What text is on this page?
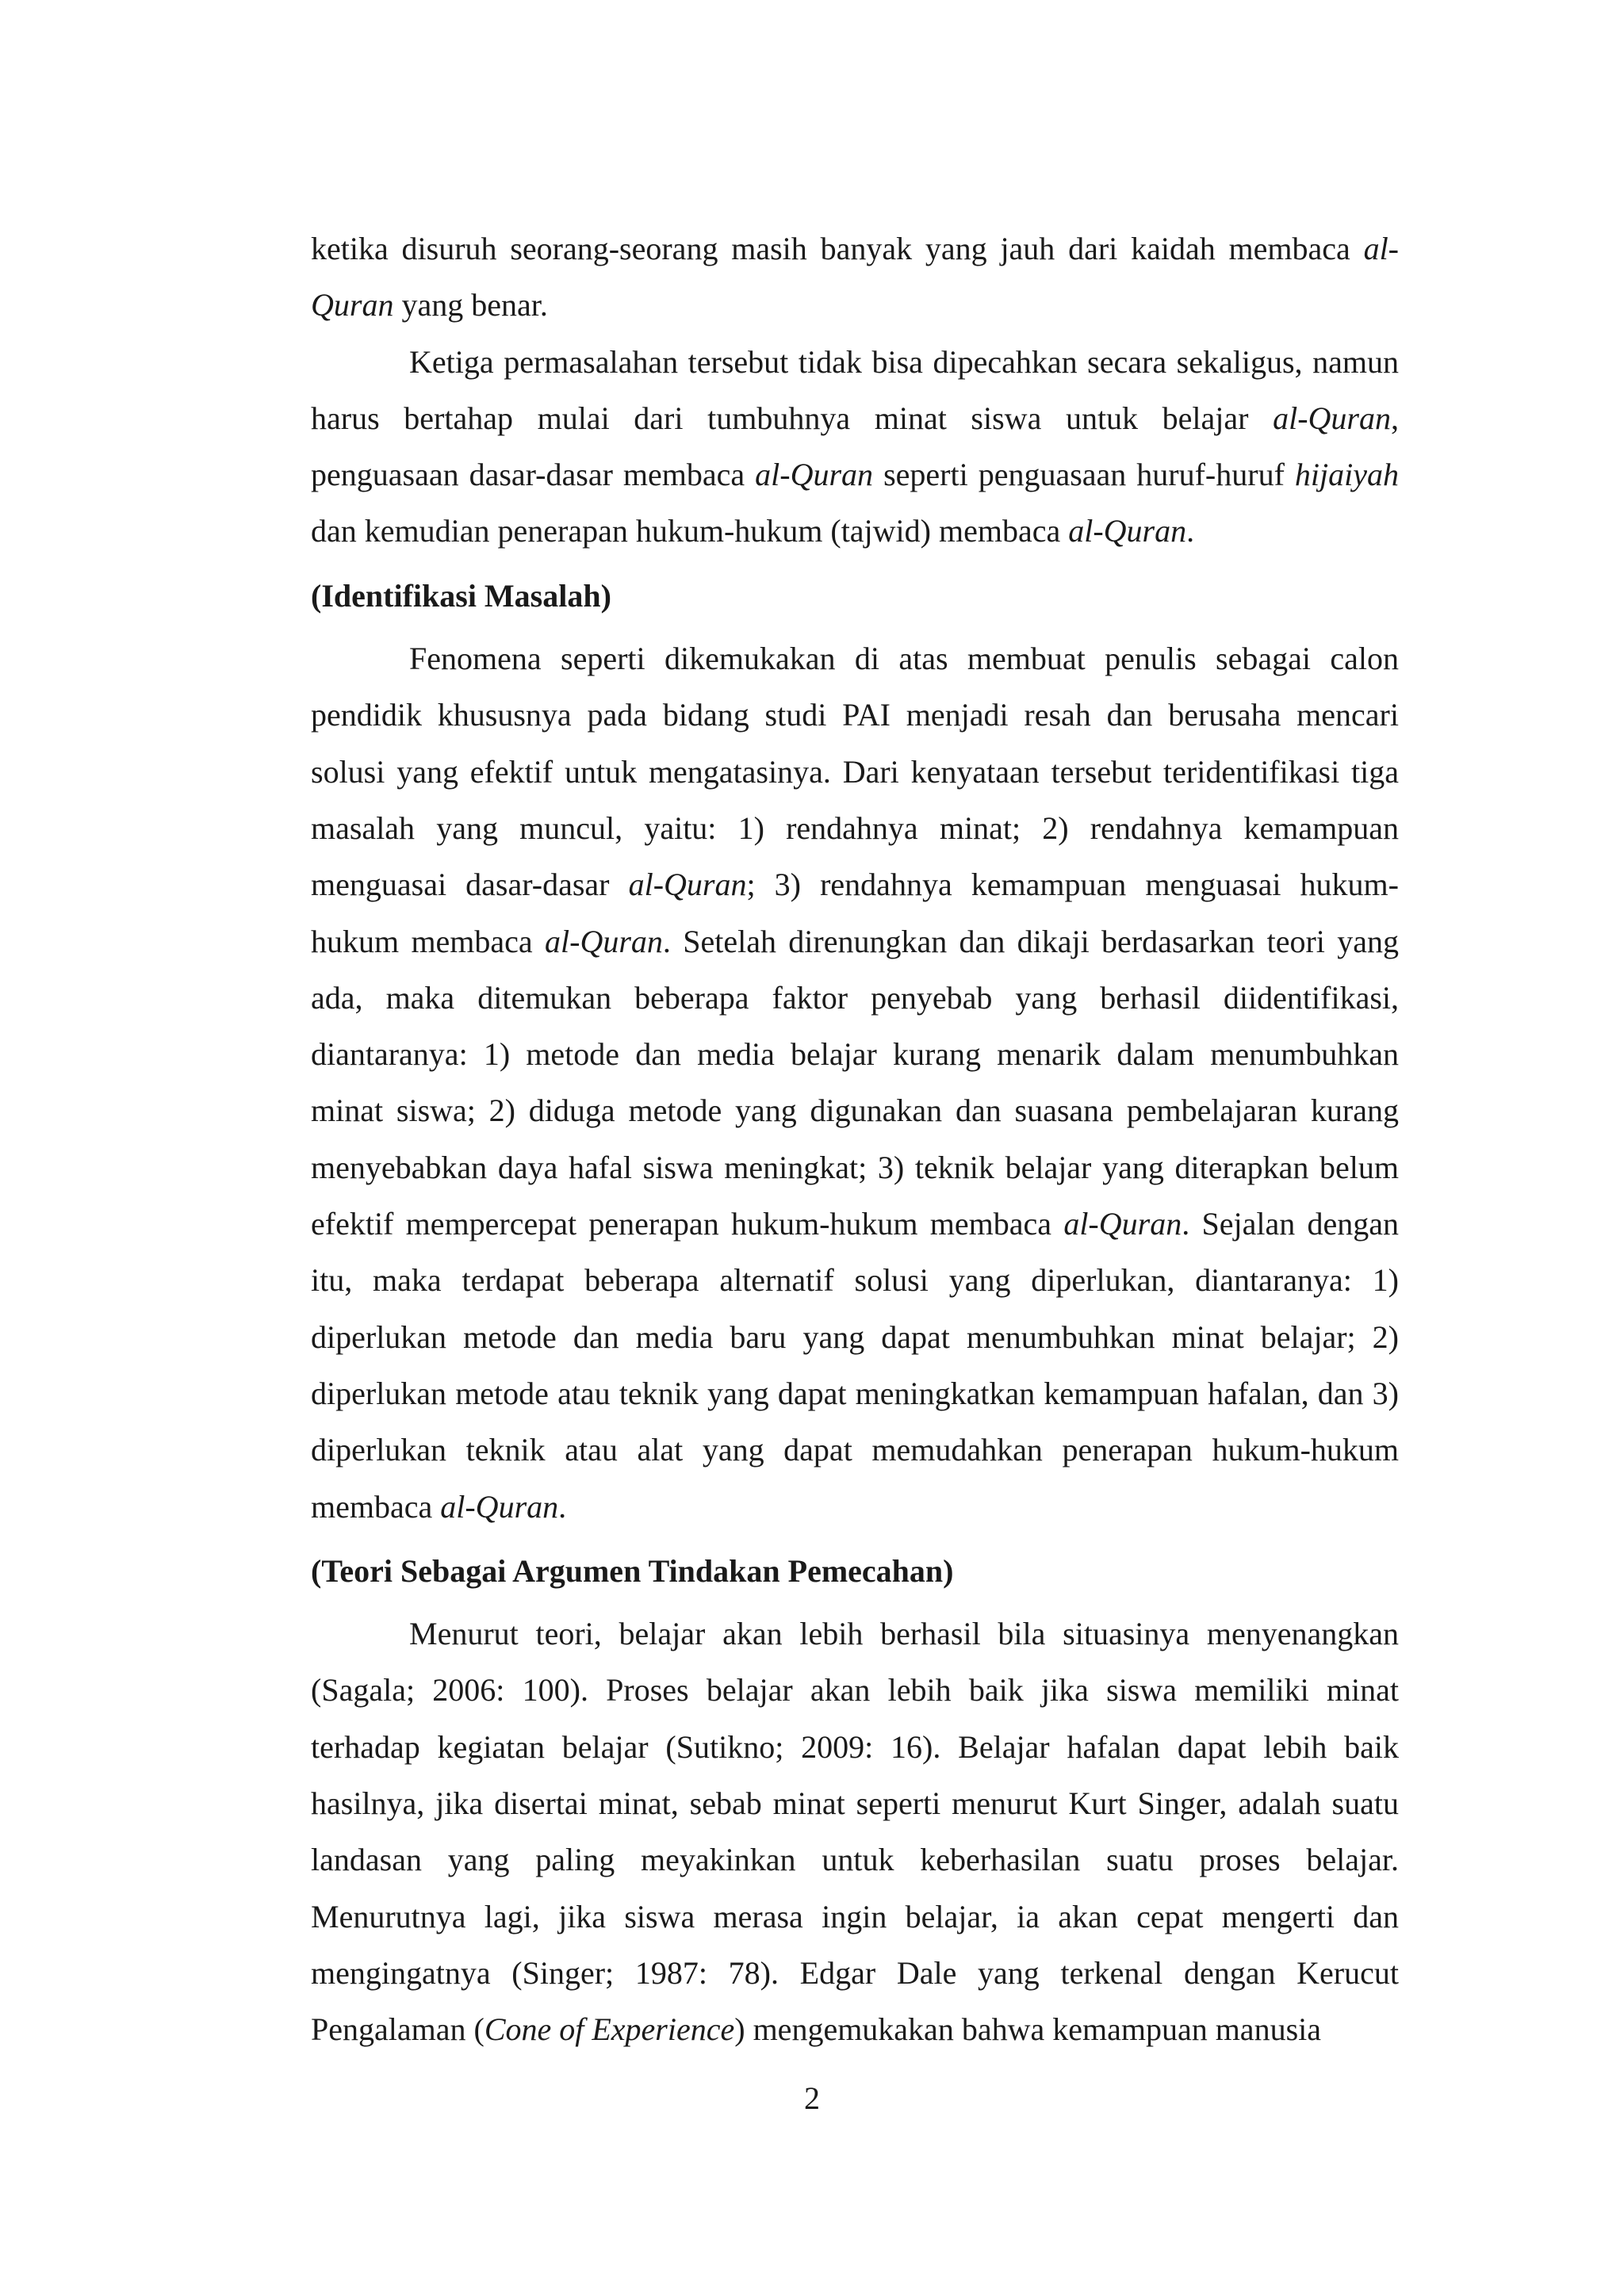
ketika disuruh seorang-seorang masih banyak yang jauh dari kaidah membaca al-Quran yang benar.

Ketiga permasalahan tersebut tidak bisa dipecahkan secara sekaligus, namun harus bertahap mulai dari tumbuhnya minat siswa untuk belajar al-Quran, penguasaan dasar-dasar membaca al-Quran seperti penguasaan huruf-huruf hijaiyah dan kemudian penerapan hukum-hukum (tajwid) membaca al-Quran.

(Identifikasi Masalah)

Fenomena seperti dikemukakan di atas membuat penulis sebagai calon pendidik khususnya pada bidang studi PAI menjadi resah dan berusaha mencari solusi yang efektif untuk mengatasinya. Dari kenyataan tersebut teridentifikasi tiga masalah yang muncul, yaitu: 1) rendahnya minat; 2) rendahnya kemampuan menguasai dasar-dasar al-Quran; 3) rendahnya kemampuan menguasai hukum-hukum membaca al-Quran. Setelah direnungkan dan dikaji berdasarkan teori yang ada, maka ditemukan beberapa faktor penyebab yang berhasil diidentifikasi, diantaranya: 1) metode dan media belajar kurang menarik dalam menumbuhkan minat siswa; 2) diduga metode yang digunakan dan suasana pembelajaran kurang menyebabkan daya hafal siswa meningkat; 3) teknik belajar yang diterapkan belum efektif mempercepat penerapan hukum-hukum membaca al-Quran. Sejalan dengan itu, maka terdapat beberapa alternatif solusi yang diperlukan, diantaranya: 1) diperlukan metode dan media baru yang dapat menumbuhkan minat belajar; 2) diperlukan metode atau teknik yang dapat meningkatkan kemampuan hafalan, dan 3) diperlukan teknik atau alat yang dapat memudahkan penerapan hukum-hukum membaca al-Quran.

(Teori Sebagai Argumen Tindakan Pemecahan)

Menurut teori, belajar akan lebih berhasil bila situasinya menyenangkan (Sagala; 2006: 100). Proses belajar akan lebih baik jika siswa memiliki minat terhadap kegiatan belajar (Sutikno; 2009: 16). Belajar hafalan dapat lebih baik hasilnya, jika disertai minat, sebab minat seperti menurut Kurt Singer, adalah suatu landasan yang paling meyakinkan untuk keberhasilan suatu proses belajar. Menurutnya lagi, jika siswa merasa ingin belajar, ia akan cepat mengerti dan mengingatnya (Singer; 1987: 78). Edgar Dale yang terkenal dengan Kerucut Pengalaman (Cone of Experience) mengemukakan bahwa kemampuan manusia

2
